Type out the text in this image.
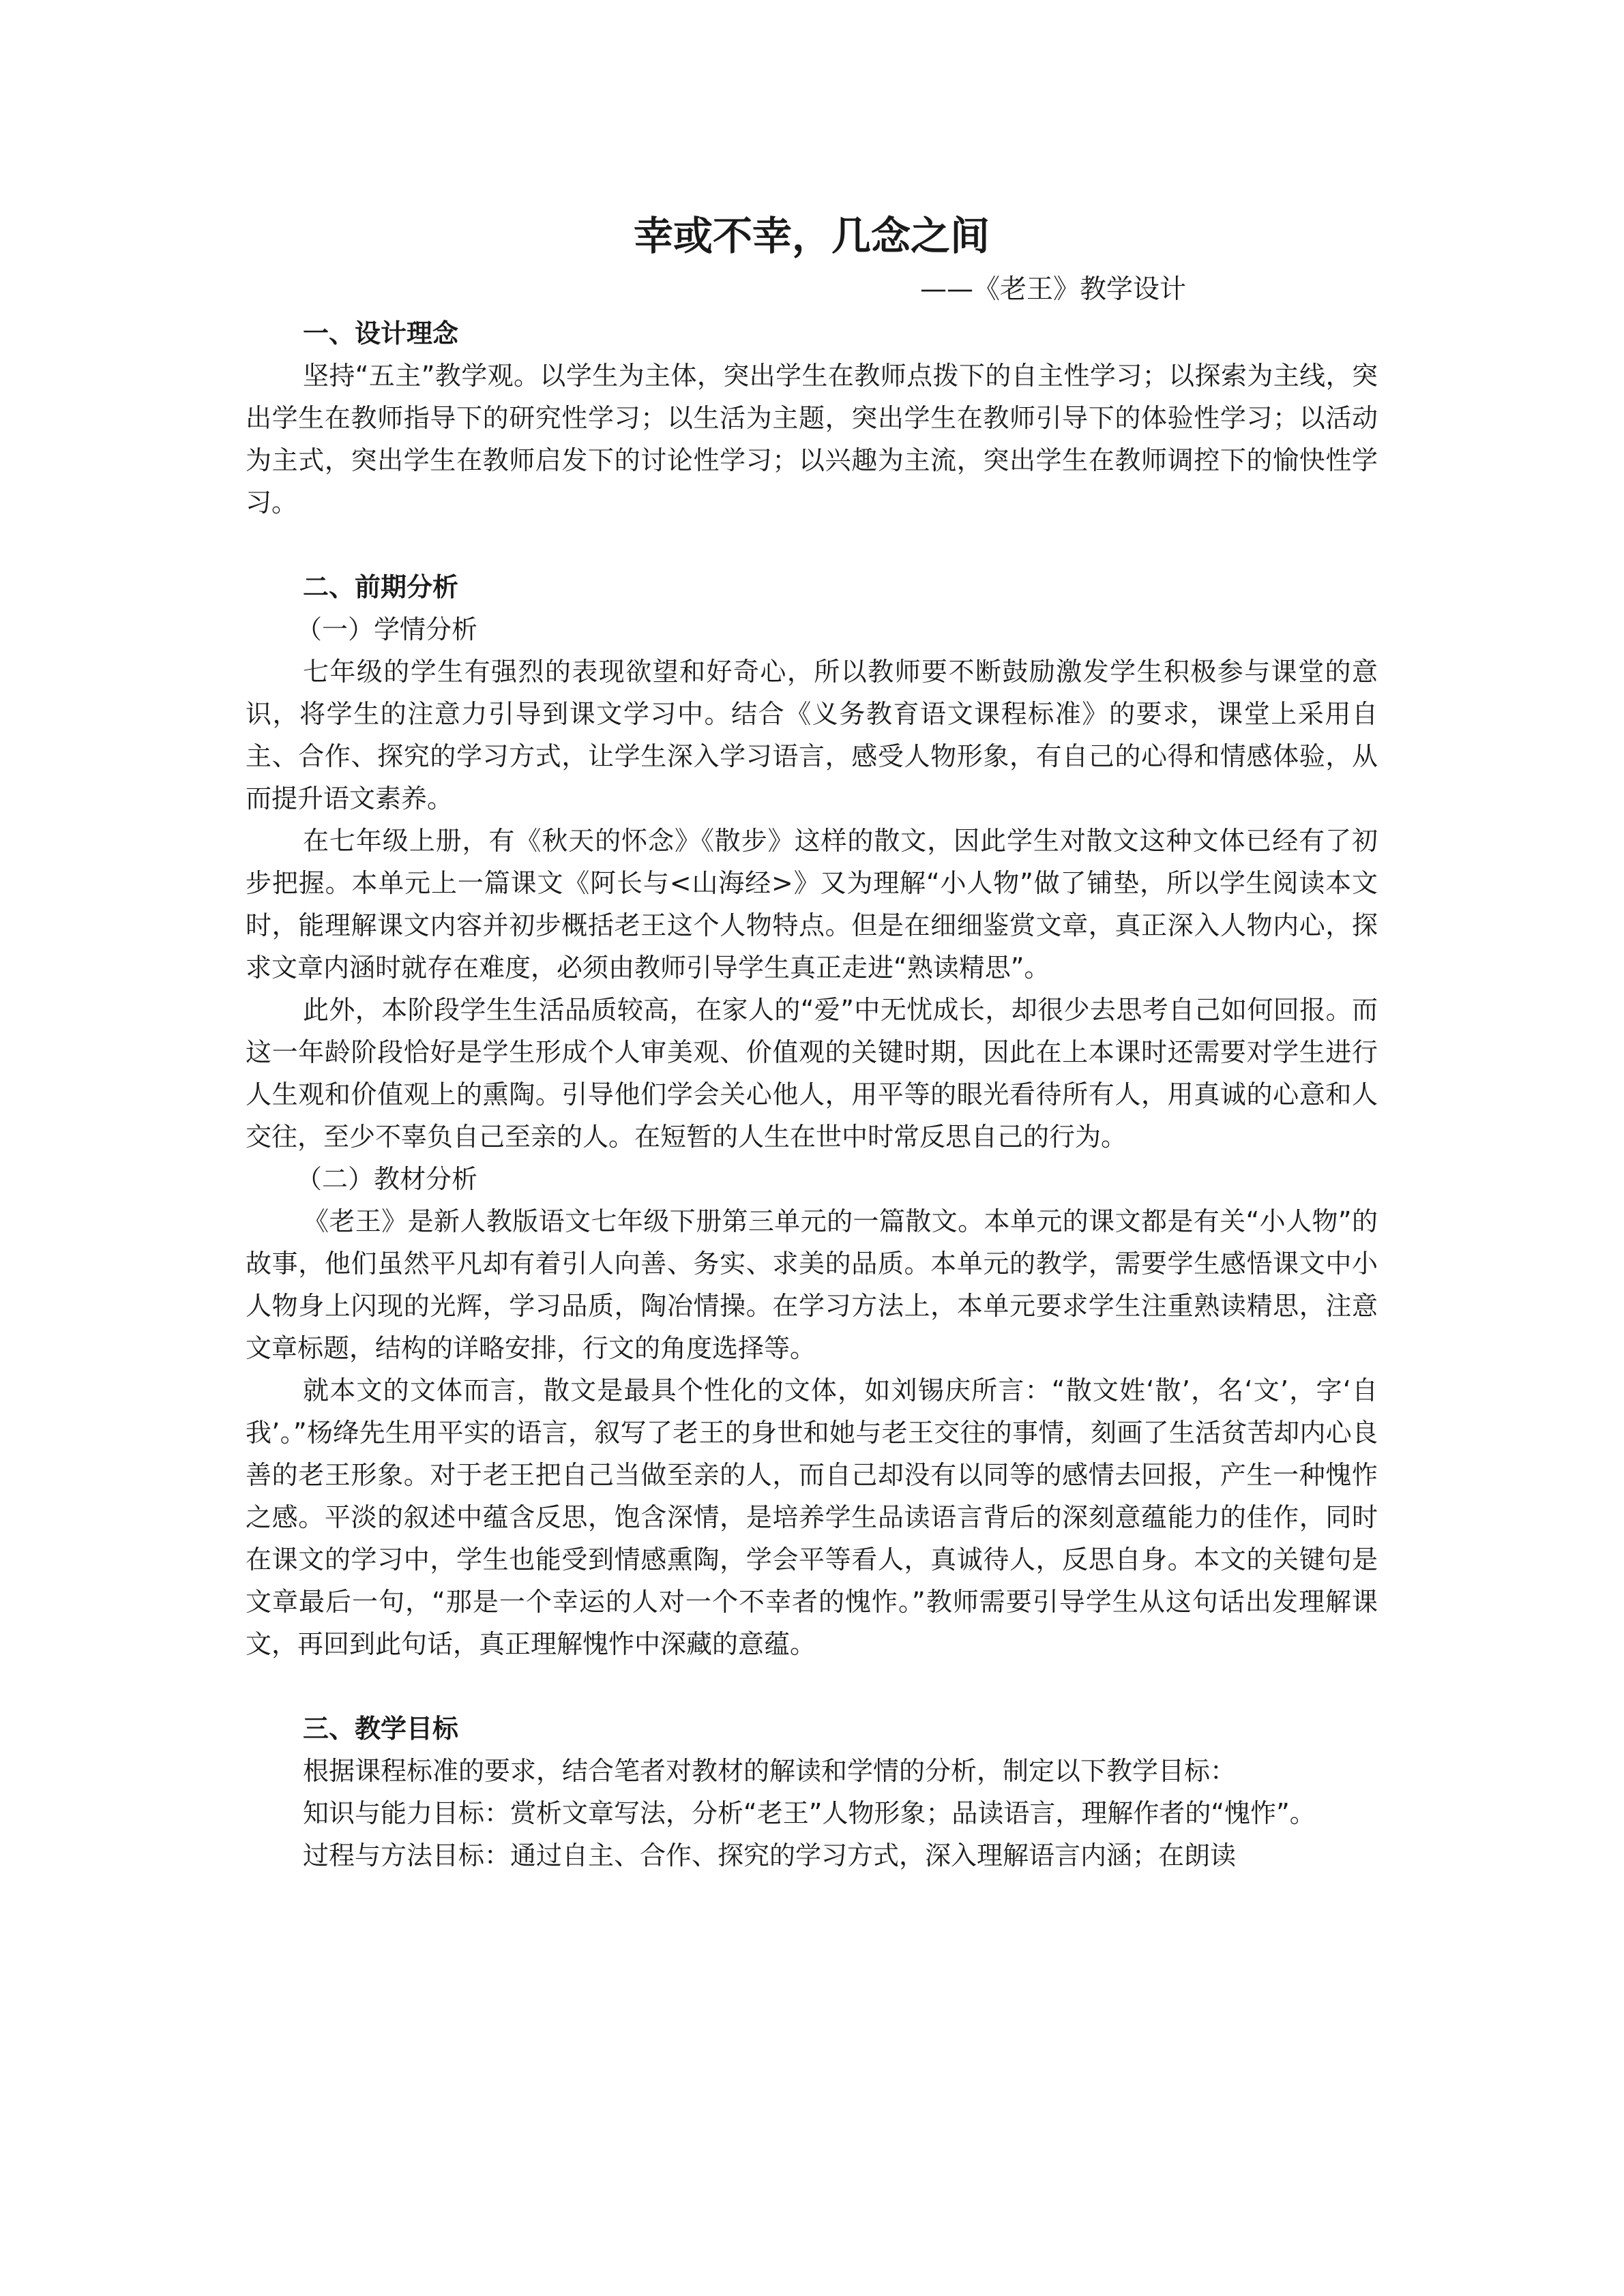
幸或不幸，几念之间
——《老王》教学设计
一、设计理念
坚持“五主”教学观。以学生为主体，突出学生在教师点拨下的自主性学习；以探索为主线，突出学生在教师指导下的研究性学习；以生活为主题，突出学生在教师引导下的体验性学习；以活动为主式，突出学生在教师启发下的讨论性学习；以兴趣为主流，突出学生在教师调控下的愉快性学习。
二、前期分析
（一）学情分析
七年级的学生有强烈的表现欲望和好奇心，所以教师要不断鼓励激发学生积极参与课堂的意识，将学生的注意力引导到课文学习中。结合《义务教育语文课程标准》的要求，课堂上采用自主、合作、探究的学习方式，让学生深入学习语言，感受人物形象，有自己的心得和情感体验，从而提升语文素养。
在七年级上册，有《秋天的怀念》《散步》这样的散文，因此学生对散文这种文体已经有了初步把握。本单元上一篇课文《阿长与<山海经>》又为理解“小人物”做了铺垫，所以学生阅读本文时，能理解课文内容并初步概括老王这个人物特点。但是在细细鉴赏文章，真正深入人物内心，探求文章内涵时就存在难度，必须由教师引导学生真正走进“熟读精思”。
此外，本阶段学生生活品质较高，在家人的“爱”中无忧成长，却很少去思考自己如何回报。而这一年龄阶段恰好是学生形成个人审美观、价值观的关键时期，因此在上本课时还需要对学生进行人生观和价值观上的熏陶。引导他们学会关心他人，用平等的眼光看待所有人，用真诚的心意和人交往，至少不辜负自己至亲的人。在短暂的人生在世中时常反思自己的行为。
（二）教材分析
《老王》是新人教版语文七年级下册第三单元的一篇散文。本单元的课文都是有关“小人物”的故事，他们虽然平凡却有着引人向善、务实、求美的品质。本单元的教学，需要学生感悟课文中小人物身上闪现的光辉，学习品质，陶冶情操。在学习方法上，本单元要求学生注重熟读精思，注意文章标题，结构的详略安排，行文的角度选择等。
就本文的文体而言，散文是最具个性化的文体，如刘锡庆所言：“散文姓‘散’，名‘文’，字‘自我’。”杨绛先生用平实的语言，叙写了老王的身世和她与老王交往的事情，刻画了生活贫苦却内心良善的老王形象。对于老王把自己当做至亲的人，而自己却没有以同等的感情去回报，产生一种愧怍之感。平淡的叙述中蕴含反思，饱含深情，是培养学生品读语言背后的深刻意蕴能力的佳作，同时在课文的学习中，学生也能受到情感熏陶，学会平等看人，真诚待人，反思自身。本文的关键句是文章最后一句，“那是一个幸运的人对一个不幸者的愧怍。”教师需要引导学生从这句话出发理解课文，再回到此句话，真正理解愧怍中深藏的意蕴。
三、教学目标
根据课程标准的要求，结合笔者对教材的解读和学情的分析，制定以下教学目标：
知识与能力目标：赏析文章写法，分析“老王”人物形象；品读语言，理解作者的“愧怍”。
过程与方法目标：通过自主、合作、探究的学习方式，深入理解语言内涵；在朗读
